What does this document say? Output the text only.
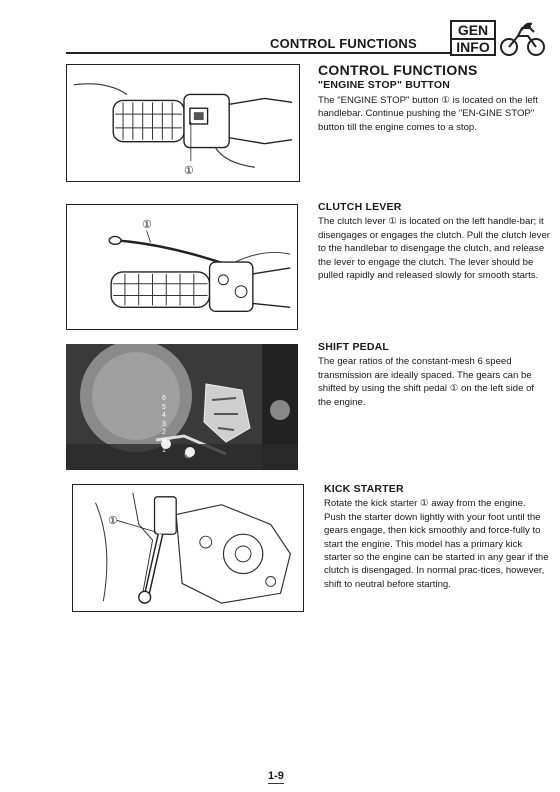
CONTROL FUNCTIONS
GEN
INFO
①
CONTROL FUNCTIONS
"ENGINE STOP" BUTTON
The "ENGINE STOP" button ① is located on the left handlebar. Continue pushing the "EN-GINE STOP" button till the engine comes to a stop.
①
CLUTCH LEVER
The clutch lever ① is located on the left handle-bar; it disengages or engages the clutch. Pull the clutch lever to the handlebar to disengage the clutch, and release the lever to engage the clutch. The lever should be pulled rapidly and released slowly for smooth starts.
6
5
4
3
2
N
1 ①
SHIFT PEDAL
The gear ratios of the constant-mesh 6 speed transmission are ideally spaced. The gears can be shifted by using the shift pedal ① on the left side of the engine.
①
KICK STARTER
Rotate the kick starter ① away from the engine. Push the starter down lightly with your foot until the gears engage, then kick smoothly and force-fully to start the engine. This model has a primary kick starter so the engine can be started in any gear if the clutch is disengaged. In normal prac-tices, however, shift to neutral before starting.
1-9
